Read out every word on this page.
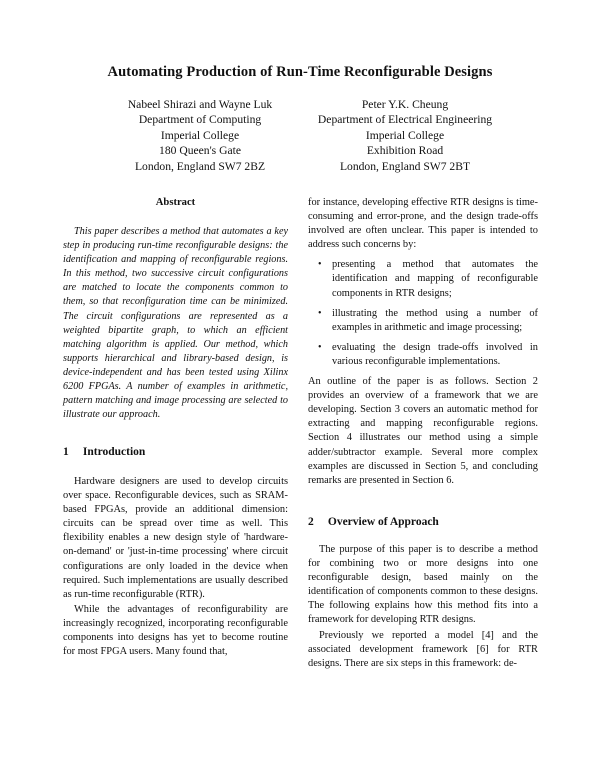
Automating Production of Run-Time Reconfigurable Designs
Nabeel Shirazi and Wayne Luk
Department of Computing
Imperial College
180 Queen's Gate
London, England SW7 2BZ
Peter Y.K. Cheung
Department of Electrical Engineering
Imperial College
Exhibition Road
London, England SW7 2BT
Abstract

This paper describes a method that automates a key step in producing run-time reconfigurable designs: the identification and mapping of reconfigurable regions. In this method, two successive circuit configurations are matched to locate the components common to them, so that reconfiguration time can be minimized. The circuit configurations are represented as a weighted bipartite graph, to which an efficient matching algorithm is applied. Our method, which supports hierarchical and library-based design, is device-independent and has been tested using Xilinx 6200 FPGAs. A number of examples in arithmetic, pattern matching and image processing are selected to illustrate our approach.

1 Introduction

Hardware designers are used to develop circuits over space. Reconfigurable devices, such as SRAM-based FPGAs, provide an additional dimension: circuits can be spread over time as well. This flexibility enables a new design style of 'hardware-on-demand' or 'just-in-time processing' where circuit configurations are only loaded in the device when required. Such implementations are usually described as run-time reconfigurable (RTR).

While the advantages of reconfigurability are increasingly recognized, incorporating reconfigurable components into designs has yet to become routine for most FPGA users. Many found that,

for instance, developing effective RTR designs is time-consuming and error-prone, and the design trade-offs involved are often unclear. This paper is intended to address such concerns by:

• presenting a method that automates the identification and mapping of reconfigurable components in RTR designs;
• illustrating the method using a number of examples in arithmetic and image processing;
• evaluating the design trade-offs involved in various reconfigurable implementations.

An outline of the paper is as follows. Section 2 provides an overview of a framework that we are developing. Section 3 covers an automatic method for extracting and mapping reconfigurable regions. Section 4 illustrates our method using a simple adder/subtractor example. Several more complex examples are discussed in Section 5, and concluding remarks are presented in Section 6.

2 Overview of Approach

The purpose of this paper is to describe a method for combining two or more designs into one reconfigurable design, based mainly on the identification of components common to these designs. The following explains how this method fits into a framework for developing RTR designs.

Previously we reported a model [4] and the associated development framework [6] for RTR designs. There are six steps in this framework: de-
